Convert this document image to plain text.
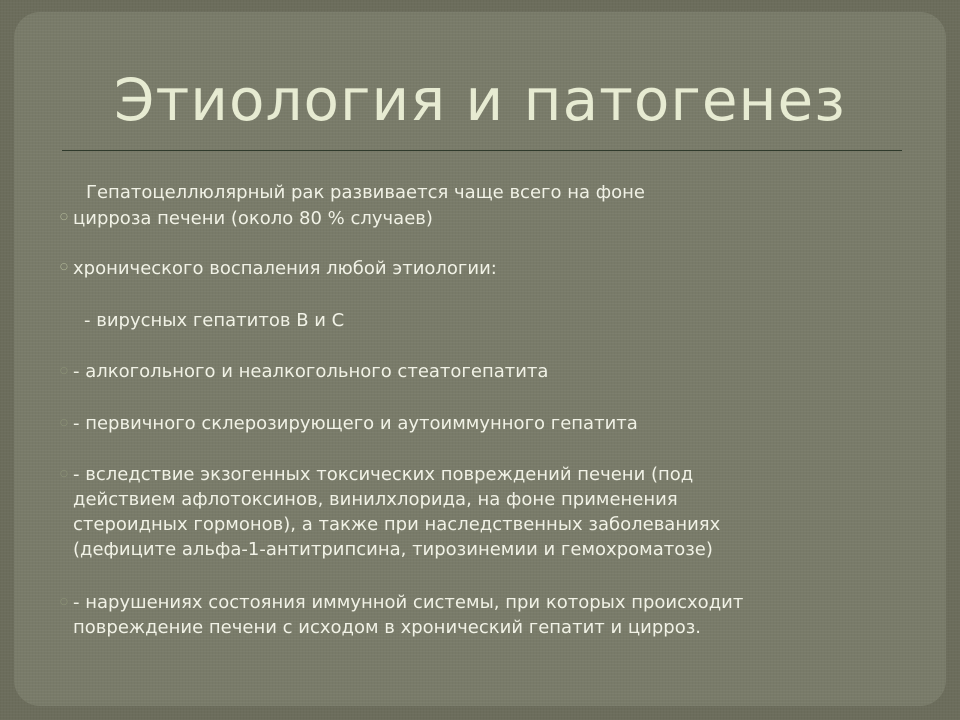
Этиология и патогенез
Гепатоцеллюлярный рак развивается чаще всего на фоне
○ цирроза печени (около 80 % случаев)
○ хронического воспаления любой этиологии:
- вирусных гепатитов В и С
○ - алкогольного и неалкогольного стеатогепатита
○ - первичного склерозирующего и аутоиммунного гепатита
○ - вследствие экзогенных токсических повреждений печени (под
действием афлотоксинов, винилхлорида, на фоне применения
стероидных гормонов), а также при наследственных заболеваниях
(дефиците альфа-1-антитрипсина, тирозинемии и гемохроматозе)
○ - нарушениях состояния иммунной системы, при которых происходит
повреждение печени с исходом в хронический гепатит и цирроз.
